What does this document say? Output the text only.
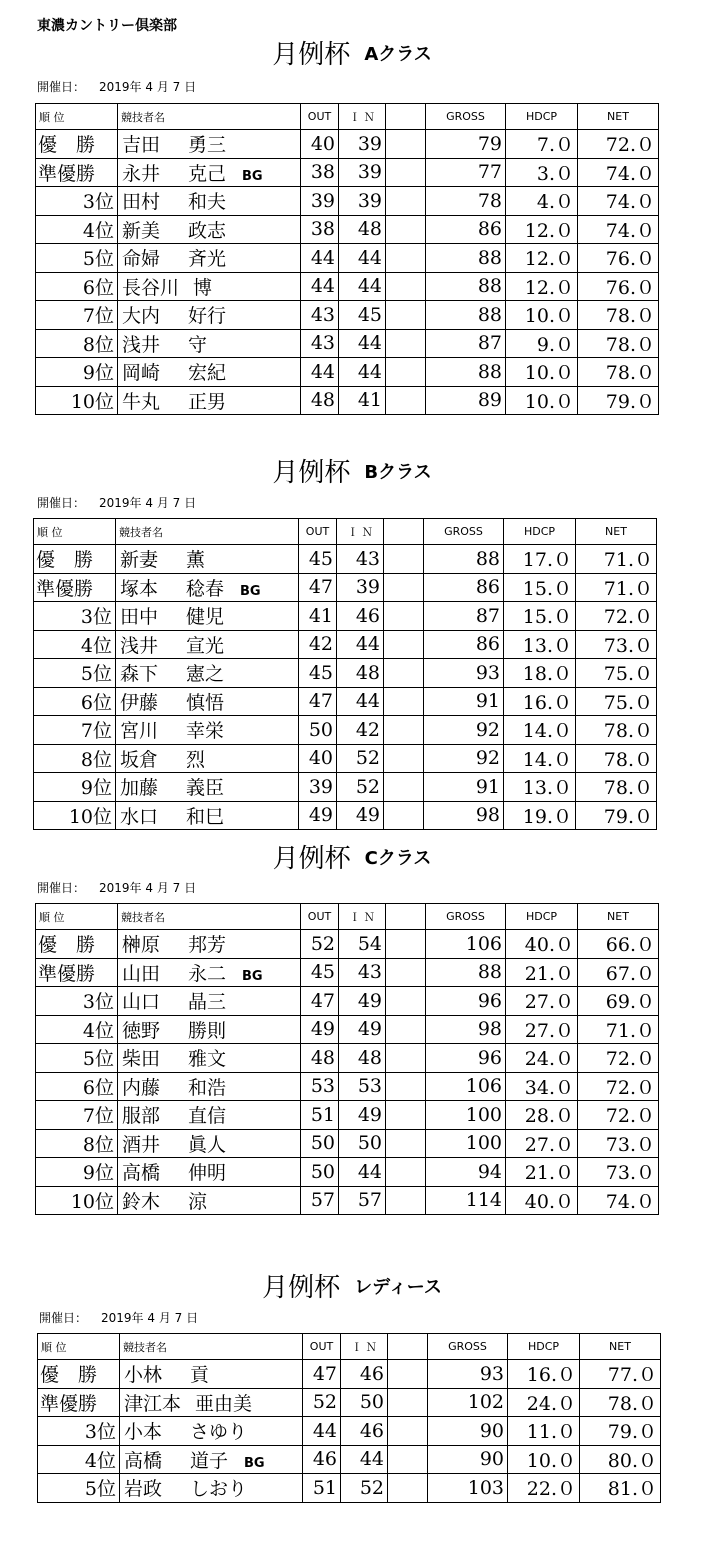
東濃カントリー倶楽部
月例杯 Aクラス
開催日： 2019年 4 月 7 日
順 位	競技者名	OUT	Ｉ Ｎ		GROSS	HDCP	NET
優　勝	吉田 勇三	40	39		79	7.０	72.０
準優勝	永井 克己 BG	38	39		77	3.０	74.０
3位	田村 和夫	39	39		78	4.０	74.０
4位	新美 政志	38	48		86	12.０	74.０
5位	命婦 斉光	44	44		88	12.０	76.０
6位	長谷川 博	44	44		88	12.０	76.０
7位	大内 好行	43	45		88	10.０	78.０
8位	浅井 守	43	44		87	9.０	78.０
9位	岡崎 宏紀	44	44		88	10.０	78.０
10位	牛丸 正男	48	41		89	10.０	79.０
月例杯 Bクラス
開催日： 2019年 4 月 7 日
順 位	競技者名	OUT	Ｉ Ｎ		GROSS	HDCP	NET
優　勝	新妻 薫	45	43		88	17.０	71.０
準優勝	塚本 稔春 BG	47	39		86	15.０	71.０
3位	田中 健児	41	46		87	15.０	72.０
4位	浅井 宣光	42	44		86	13.０	73.０
5位	森下 憲之	45	48		93	18.０	75.０
6位	伊藤 慎悟	47	44		91	16.０	75.０
7位	宮川 幸栄	50	42		92	14.０	78.０
8位	坂倉 烈	40	52		92	14.０	78.０
9位	加藤 義臣	39	52		91	13.０	78.０
10位	水口 和巳	49	49		98	19.０	79.０
月例杯 Cクラス
開催日： 2019年 4 月 7 日
順 位	競技者名	OUT	Ｉ Ｎ		GROSS	HDCP	NET
優　勝	榊原 邦芳	52	54		106	40.０	66.０
準優勝	山田 永二 BG	45	43		88	21.０	67.０
3位	山口 晶三	47	49		96	27.０	69.０
4位	徳野 勝則	49	49		98	27.０	71.０
5位	柴田 雅文	48	48		96	24.０	72.０
6位	内藤 和浩	53	53		106	34.０	72.０
7位	服部 直信	51	49		100	28.０	72.０
8位	酒井 眞人	50	50		100	27.０	73.０
9位	高橋 伸明	50	44		94	21.０	73.０
10位	鈴木 涼	57	57		114	40.０	74.０
月例杯 レディース
開催日： 2019年 4 月 7 日
順 位	競技者名	OUT	Ｉ Ｎ		GROSS	HDCP	NET
優　勝	小林 貢	47	46		93	16.０	77.０
準優勝	津江本 亜由美	52	50		102	24.０	78.０
3位	小本 さゆり	44	46		90	11.０	79.０
4位	高橋 道子 BG	46	44		90	10.０	80.０
5位	岩政 しおり	51	52		103	22.０	81.０
